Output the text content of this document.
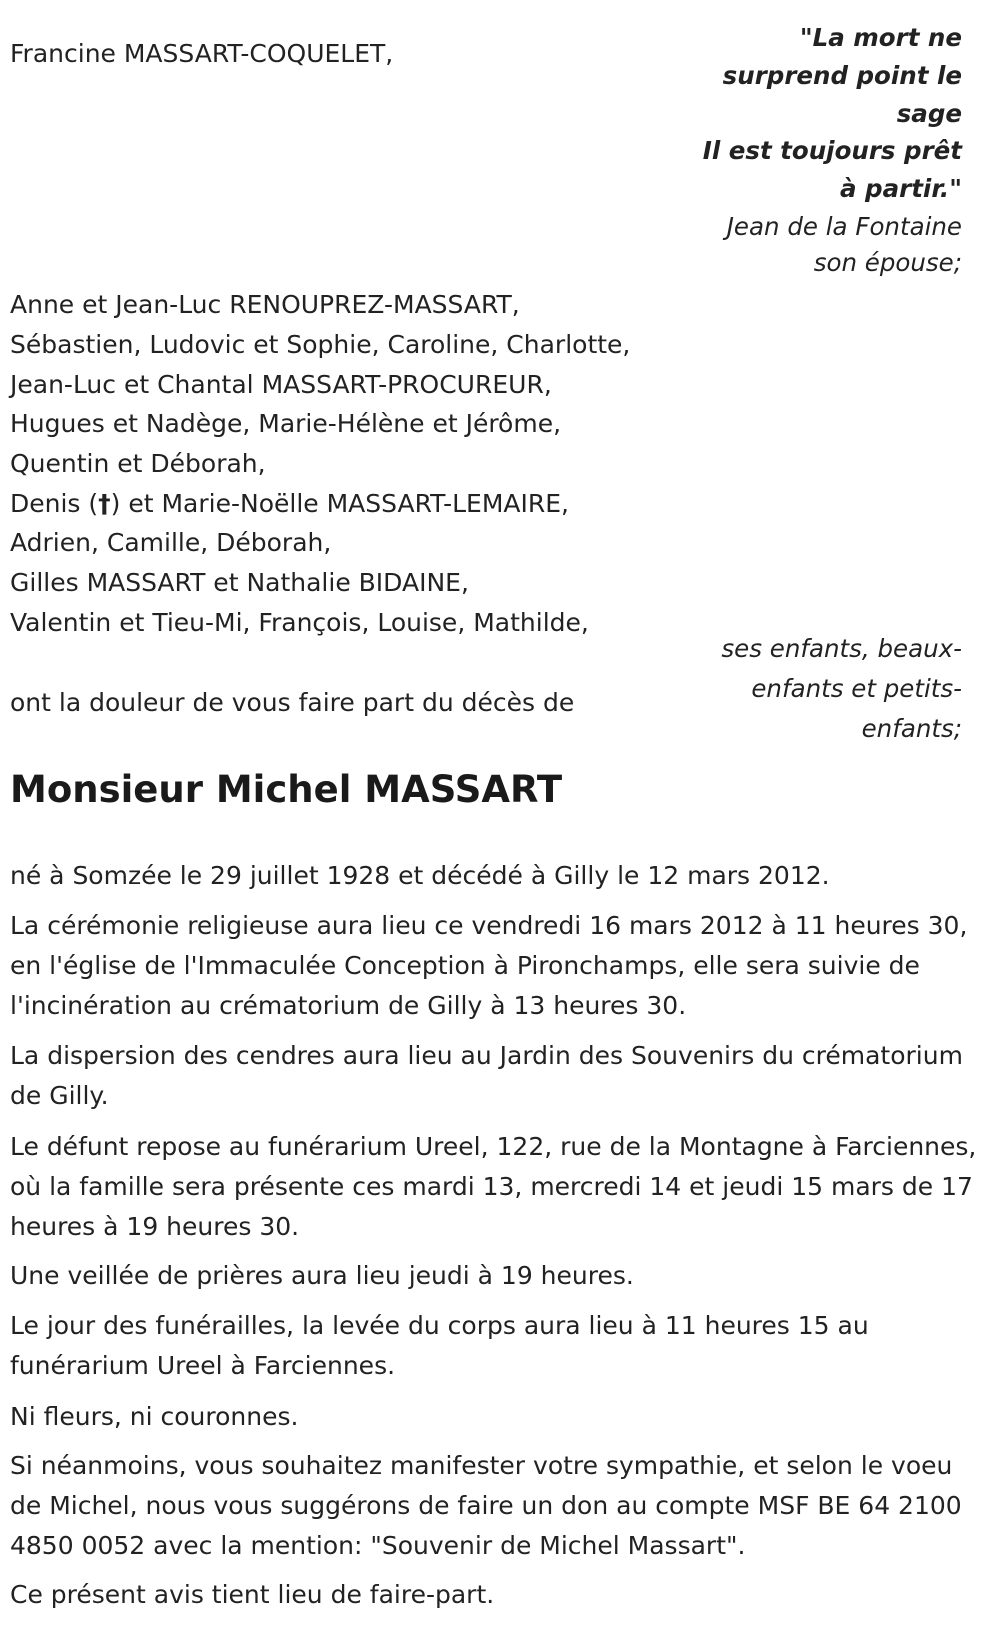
Francine MASSART-COQUELET,

"La mort ne

surprend point le

sage

Il est toujours prêt

à partir."

Jean de la Fontaine

son épouse;

Anne et Jean-Luc RENOUPREZ-MASSART,

Sébastien, Ludovic et Sophie, Caroline, Charlotte,

Jean-Luc et Chantal MASSART-PROCUREUR,

Hugues et Nadège, Marie-Hélène et Jérôme,

Quentin et Déborah,

Denis (†) et Marie-Noëlle MASSART-LEMAIRE,

Adrien, Camille, Déborah,

Gilles MASSART et Nathalie BIDAINE,

Valentin et Tieu-Mi, François, Louise, Mathilde,

ses enfants, beaux-

enfants et petits-

enfants;

ont la douleur de vous faire part du décès de

Monsieur Michel MASSART

né à Somzée le 29 juillet 1928 et décédé à Gilly le 12 mars 2012.

La cérémonie religieuse aura lieu ce vendredi 16 mars 2012 à 11 heures 30, en l'église de l'Immaculée Conception à Pironchamps, elle sera suivie de l'incinération au crématorium de Gilly à 13 heures 30.

La dispersion des cendres aura lieu au Jardin des Souvenirs du crématorium de Gilly.

Le défunt repose au funérarium Ureel, 122, rue de la Montagne à Farciennes, où la famille sera présente ces mardi 13, mercredi 14 et jeudi 15 mars de 17 heures à 19 heures 30.

Une veillée de prières aura lieu jeudi à 19 heures.

Le jour des funérailles, la levée du corps aura lieu à 11 heures 15 au funérarium Ureel à Farciennes.

Ni fleurs, ni couronnes.

Si néanmoins, vous souhaitez manifester votre sympathie, et selon le voeu de Michel, nous vous suggérons de faire un don au compte MSF BE 64 2100 4850 0052 avec la mention: "Souvenir de Michel Massart".

Ce présent avis tient lieu de faire-part.
